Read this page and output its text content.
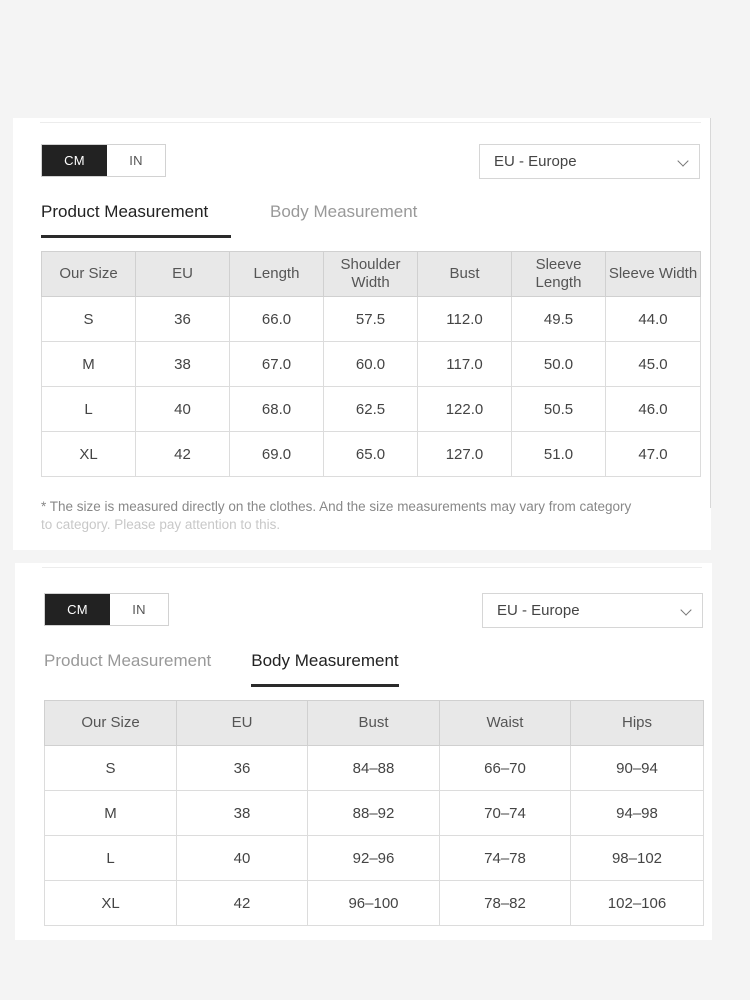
CM	IN	EU - Europe
Product Measurement	Body Measurement
Our Size	EU	Length	Shoulder Width	Bust	Sleeve Length	Sleeve Width
S	36	66.0	57.5	112.0	49.5	44.0
M	38	67.0	60.0	117.0	50.0	45.0
L	40	68.0	62.5	122.0	50.5	46.0
XL	42	69.0	65.0	127.0	51.0	47.0
* The size is measured directly on the clothes. And the size measurements may vary from category
to category. Please pay attention to this.
CM	IN	EU - Europe
Product Measurement Body Measurement
Our Size	EU	Bust	Waist	Hips
S	36	84–88	66–70	90–94
M	38	88–92	70–74	94–98
L	40	92–96	74–78	98–102
XL	42	96–100	78–82	102–106
